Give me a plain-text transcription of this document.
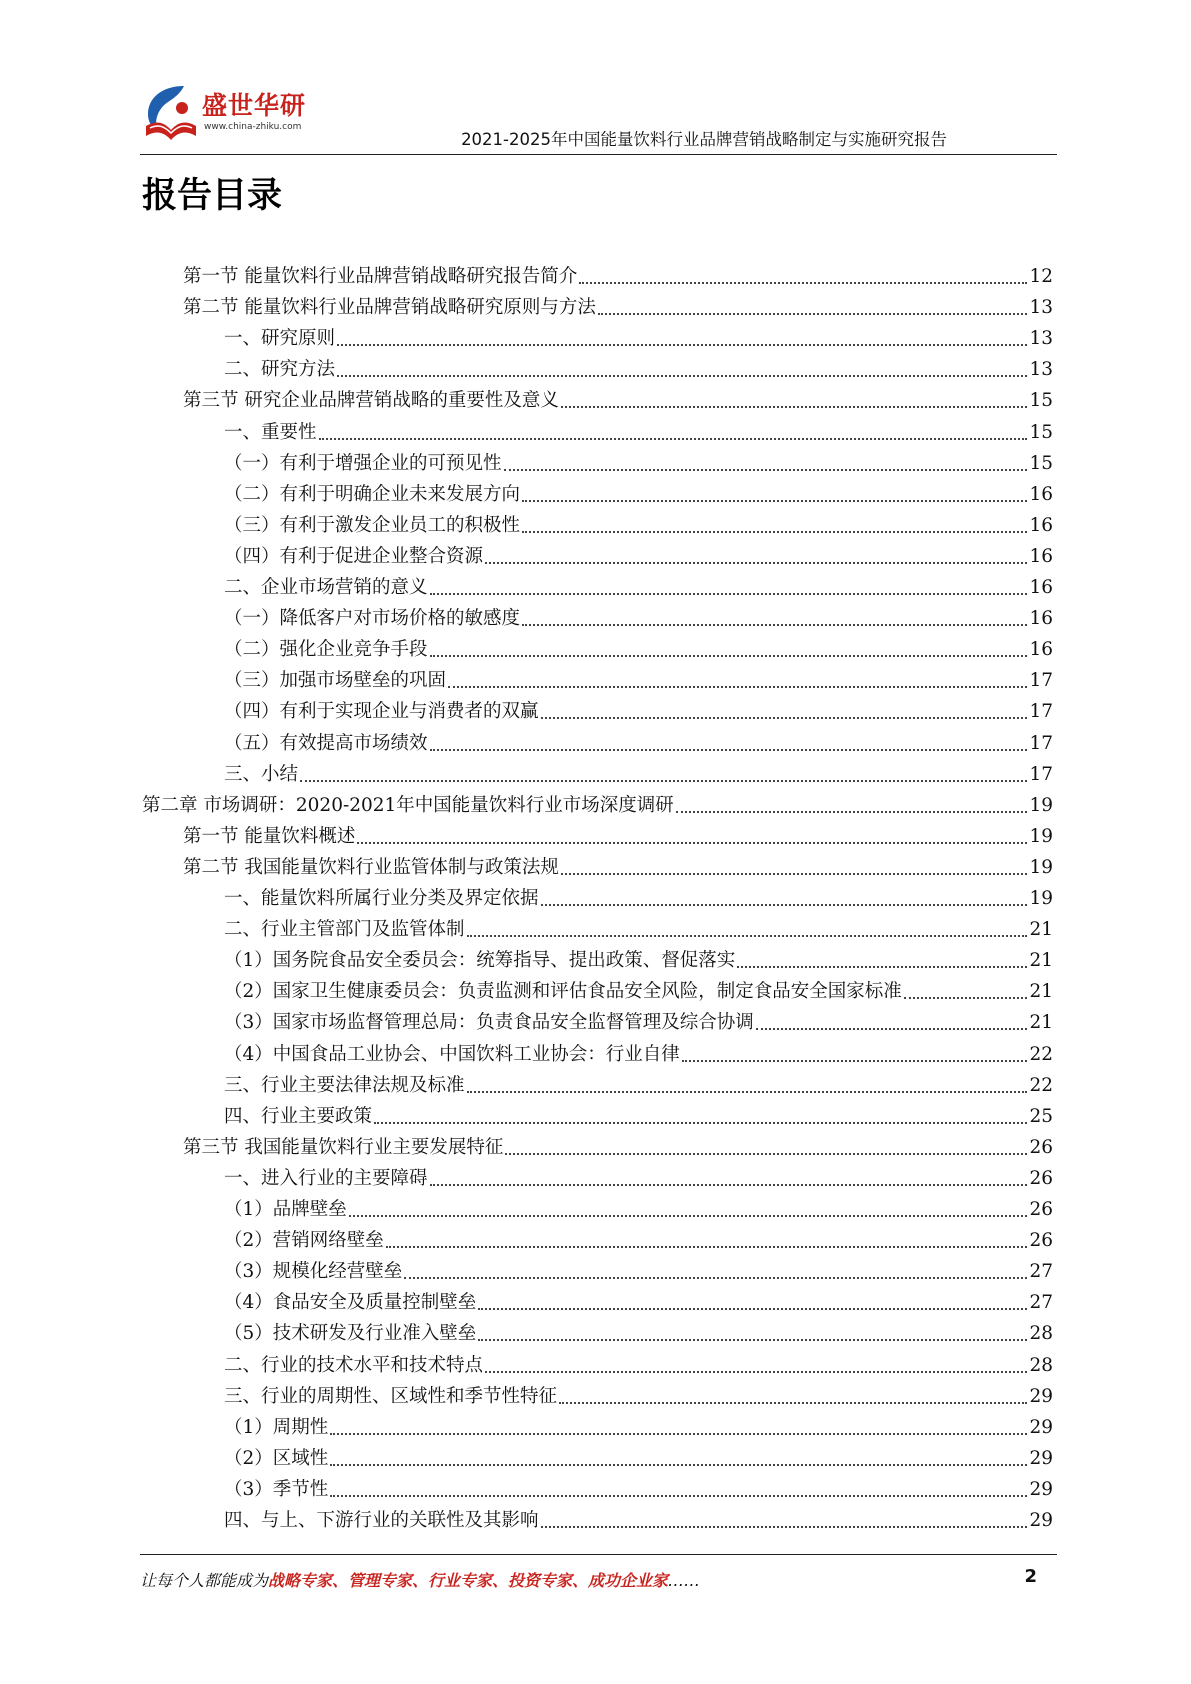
盛世华研
www.china-zhiku.com
2021-2025年中国能量饮料行业品牌营销战略制定与实施研究报告
报告目录
第一节 能量饮料行业品牌营销战略研究报告简介	12
第二节 能量饮料行业品牌营销战略研究原则与方法	13
一、研究原则	13
二、研究方法	13
第三节 研究企业品牌营销战略的重要性及意义	15
一、重要性	15
（一）有利于增强企业的可预见性	15
（二）有利于明确企业未来发展方向	16
（三）有利于激发企业员工的积极性	16
（四）有利于促进企业整合资源	16
二、企业市场营销的意义	16
（一）降低客户对市场价格的敏感度	16
（二）强化企业竞争手段	16
（三）加强市场壁垒的巩固	17
（四）有利于实现企业与消费者的双赢	17
（五）有效提高市场绩效	17
三、小结	17
第二章 市场调研：2020-2021年中国能量饮料行业市场深度调研	19
第一节 能量饮料概述	19
第二节 我国能量饮料行业监管体制与政策法规	19
一、能量饮料所属行业分类及界定依据	19
二、行业主管部门及监管体制	21
（1）国务院食品安全委员会：统筹指导、提出政策、督促落实	21
（2）国家卫生健康委员会：负责监测和评估食品安全风险，制定食品安全国家标准	21
（3）国家市场监督管理总局：负责食品安全监督管理及综合协调	21
（4）中国食品工业协会、中国饮料工业协会：行业自律	22
三、行业主要法律法规及标准	22
四、行业主要政策	25
第三节 我国能量饮料行业主要发展特征	26
一、进入行业的主要障碍	26
（1）品牌壁垒	26
（2）营销网络壁垒	26
（3）规模化经营壁垒	27
（4）食品安全及质量控制壁垒	27
（5）技术研发及行业准入壁垒	28
二、行业的技术水平和技术特点	28
三、行业的周期性、区域性和季节性特征	29
（1）周期性	29
（2）区域性	29
（3）季节性	29
四、与上、下游行业的关联性及其影响	29
让每个人都能成为战略专家、管理专家、行业专家、投资专家、成功企业家……	2
